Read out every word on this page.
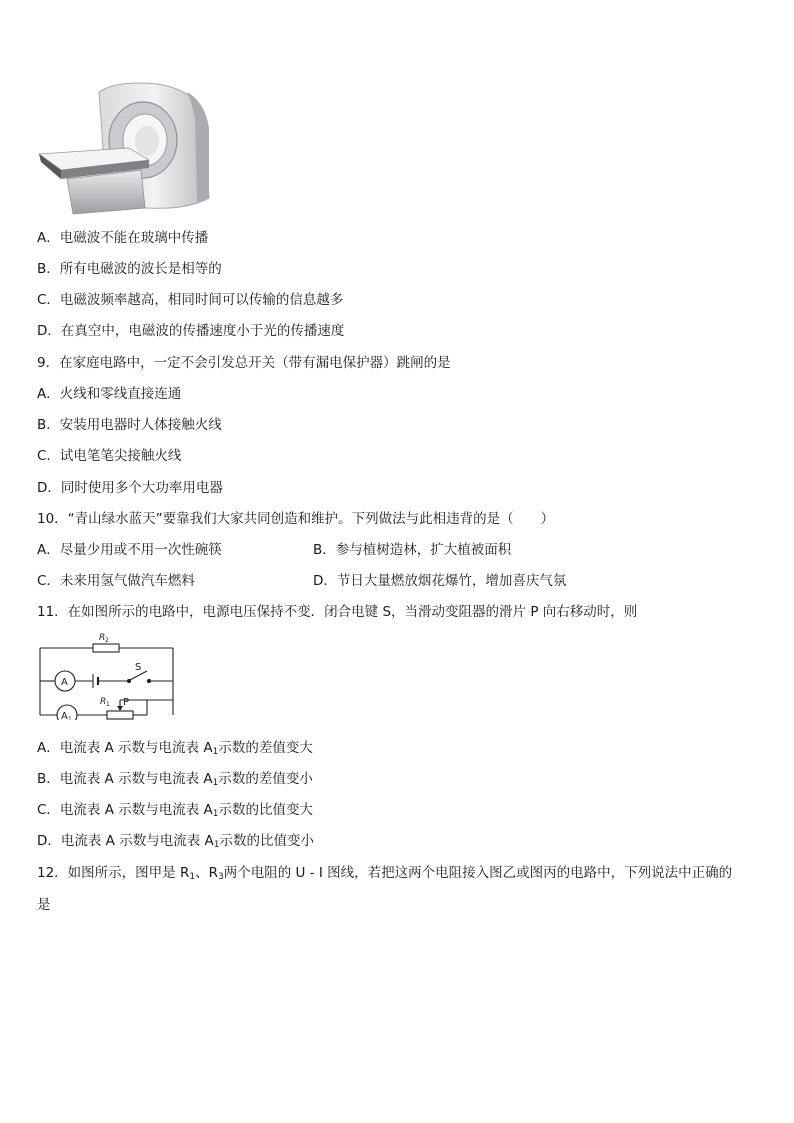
A．电磁波不能在玻璃中传播
B．所有电磁波的波长是相等的
C．电磁波频率越高，相同时间可以传输的信息越多
D．在真空中，电磁波的传播速度小于光的传播速度
9．在家庭电路中，一定不会引发总开关（带有漏电保护器）跳闸的是
A．火线和零线直接连通
B．安装用电器时人体接触火线
C．试电笔笔尖接触火线
D．同时使用多个大功率用电器
10．“青山绿水蓝天”要靠我们大家共同创造和维护。下列做法与此相违背的是（　　）
A．尽量少用或不用一次性碗筷	B．参与植树造林，扩大植被面积
C．未来用氢气做汽车燃料	D．节日大量燃放烟花爆竹，增加喜庆气氛
11．在如图所示的电路中，电源电压保持不变．闭合电键 S，当滑动变阻器的滑片 P 向右移动时，则
R 2
S
A
A 1
R 1 P
A．电流表 A 示数与电流表 $A_1$示数的差值变大
B．电流表 A 示数与电流表 $A_1$示数的差值变小
C．电流表 A 示数与电流表 $A_1$示数的比值变大
D．电流表 A 示数与电流表 $A_1$示数的比值变小
12．如图所示，图甲是 $R_1$、$R_3$两个电阻的 U - I 图线，若把这两个电阻接入图乙或图丙的电路中，下列说法中正确的
是
